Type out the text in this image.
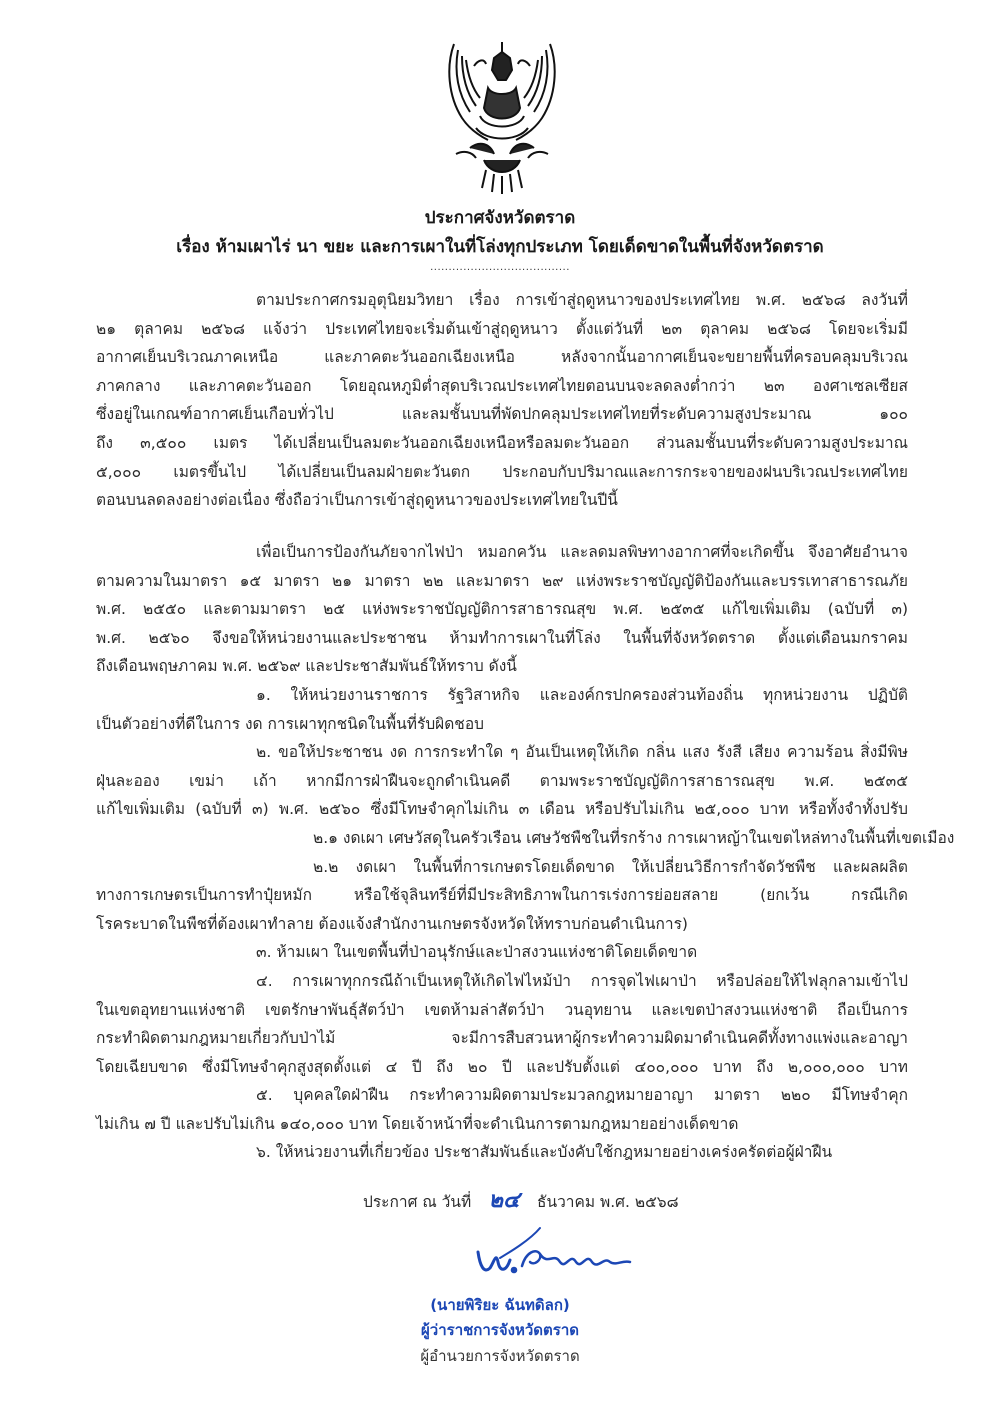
ประกาศจังหวัดตราด
เรื่อง ห้ามเผาไร่ นา ขยะ และการเผาในที่โล่งทุกประเภท โดยเด็ดขาดในพื้นที่จังหวัดตราด
......................................
ตามประกาศกรมอุตุนิยมวิทยา เรื่อง การเข้าสู่ฤดูหนาวของประเทศไทย พ.ศ. ๒๕๖๘ ลงวันที่
๒๑ ตุลาคม ๒๕๖๘ แจ้งว่า ประเทศไทยจะเริ่มต้นเข้าสู่ฤดูหนาว ตั้งแต่วันที่ ๒๓ ตุลาคม ๒๕๖๘ โดยจะเริ่มมี
อากาศเย็นบริเวณภาคเหนือ และภาคตะวันออกเฉียงเหนือ หลังจากนั้นอากาศเย็นจะขยายพื้นที่ครอบคลุมบริเวณ
ภาคกลาง และภาคตะวันออก โดยอุณหภูมิต่ำสุดบริเวณประเทศไทยตอนบนจะลดลงต่ำกว่า ๒๓ องศาเซลเซียส
ซึ่งอยู่ในเกณฑ์อากาศเย็นเกือบทั่วไป และลมชั้นบนที่พัดปกคลุมประเทศไทยที่ระดับความสูงประมาณ ๑๐๐
ถึง ๓,๕๐๐ เมตร ได้เปลี่ยนเป็นลมตะวันออกเฉียงเหนือหรือลมตะวันออก ส่วนลมชั้นบนที่ระดับความสูงประมาณ
๕,๐๐๐ เมตรขึ้นไป ได้เปลี่ยนเป็นลมฝ่ายตะวันตก ประกอบกับปริมาณและการกระจายของฝนบริเวณประเทศไทย
ตอนบนลดลงอย่างต่อเนื่อง ซึ่งถือว่าเป็นการเข้าสู่ฤดูหนาวของประเทศไทยในปีนี้
เพื่อเป็นการป้องกันภัยจากไฟป่า หมอกควัน และลดมลพิษทางอากาศที่จะเกิดขึ้น จึงอาศัยอำนาจ
ตามความในมาตรา ๑๕ มาตรา ๒๑ มาตรา ๒๒ และมาตรา ๒๙ แห่งพระราชบัญญัติป้องกันและบรรเทาสาธารณภัย
พ.ศ. ๒๕๕๐ และตามมาตรา ๒๕ แห่งพระราชบัญญัติการสาธารณสุข พ.ศ. ๒๕๓๕ แก้ไขเพิ่มเติม (ฉบับที่ ๓)
พ.ศ. ๒๕๖๐ จึงขอให้หน่วยงานและประชาชน ห้ามทำการเผาในที่โล่ง ในพื้นที่จังหวัดตราด ตั้งแต่เดือนมกราคม
ถึงเดือนพฤษภาคม พ.ศ. ๒๕๖๙ และประชาสัมพันธ์ให้ทราบ ดังนี้
๑. ให้หน่วยงานราชการ รัฐวิสาหกิจ และองค์กรปกครองส่วนท้องถิ่น ทุกหน่วยงาน ปฏิบัติ
เป็นตัวอย่างที่ดีในการ งด การเผาทุกชนิดในพื้นที่รับผิดชอบ
๒. ขอให้ประชาชน งด การกระทำใด ๆ อันเป็นเหตุให้เกิด กลิ่น แสง รังสี เสียง ความร้อน สิ่งมีพิษ
ฝุ่นละออง เขม่า เถ้า หากมีการฝ่าฝืนจะถูกดำเนินคดี ตามพระราชบัญญัติการสาธารณสุข พ.ศ. ๒๕๓๕
แก้ไขเพิ่มเติม (ฉบับที่ ๓) พ.ศ. ๒๕๖๐ ซึ่งมีโทษจำคุกไม่เกิน ๓ เดือน หรือปรับไม่เกิน ๒๕,๐๐๐ บาท หรือทั้งจำทั้งปรับ
๒.๑ งดเผา เศษวัสดุในครัวเรือน เศษวัชพืชในที่รกร้าง การเผาหญ้าในเขตไหล่ทางในพื้นที่เขตเมือง
๒.๒ งดเผา ในพื้นที่การเกษตรโดยเด็ดขาด ให้เปลี่ยนวิธีการกำจัดวัชพืช และผลผลิต
ทางการเกษตรเป็นการทำปุ๋ยหมัก หรือใช้จุลินทรีย์ที่มีประสิทธิภาพในการเร่งการย่อยสลาย (ยกเว้น กรณีเกิด
โรคระบาดในพืชที่ต้องเผาทำลาย ต้องแจ้งสำนักงานเกษตรจังหวัดให้ทราบก่อนดำเนินการ)
๓. ห้ามเผา ในเขตพื้นที่ป่าอนุรักษ์และป่าสงวนแห่งชาติโดยเด็ดขาด
๔. การเผาทุกกรณีถ้าเป็นเหตุให้เกิดไฟไหม้ป่า การจุดไฟเผาป่า หรือปล่อยให้ไฟลุกลามเข้าไป
ในเขตอุทยานแห่งชาติ เขตรักษาพันธุ์สัตว์ป่า เขตห้ามล่าสัตว์ป่า วนอุทยาน และเขตป่าสงวนแห่งชาติ ถือเป็นการ
กระทำผิดตามกฎหมายเกี่ยวกับป่าไม้ จะมีการสืบสวนหาผู้กระทำความผิดมาดำเนินคดีทั้งทางแพ่งและอาญา
โดยเฉียบขาด ซึ่งมีโทษจำคุกสูงสุดตั้งแต่ ๔ ปี ถึง ๒๐ ปี และปรับตั้งแต่ ๔๐๐,๐๐๐ บาท ถึง ๒,๐๐๐,๐๐๐ บาท
๕. บุคคลใดฝ่าฝืน กระทำความผิดตามประมวลกฎหมายอาญา มาตรา ๒๒๐ มีโทษจำคุก
ไม่เกิน ๗ ปี และปรับไม่เกิน ๑๔๐,๐๐๐ บาท โดยเจ้าหน้าที่จะดำเนินการตามกฎหมายอย่างเด็ดขาด
๖. ให้หน่วยงานที่เกี่ยวข้อง ประชาสัมพันธ์และบังคับใช้กฎหมายอย่างเคร่งครัดต่อผู้ฝ่าฝืน
ประกาศ ณ วันที่ ๒๔ ธันวาคม พ.ศ. ๒๕๖๘
(นายพิริยะ ฉันทดิลก)
ผู้ว่าราชการจังหวัดตราด
ผู้อำนวยการจังหวัดตราด
